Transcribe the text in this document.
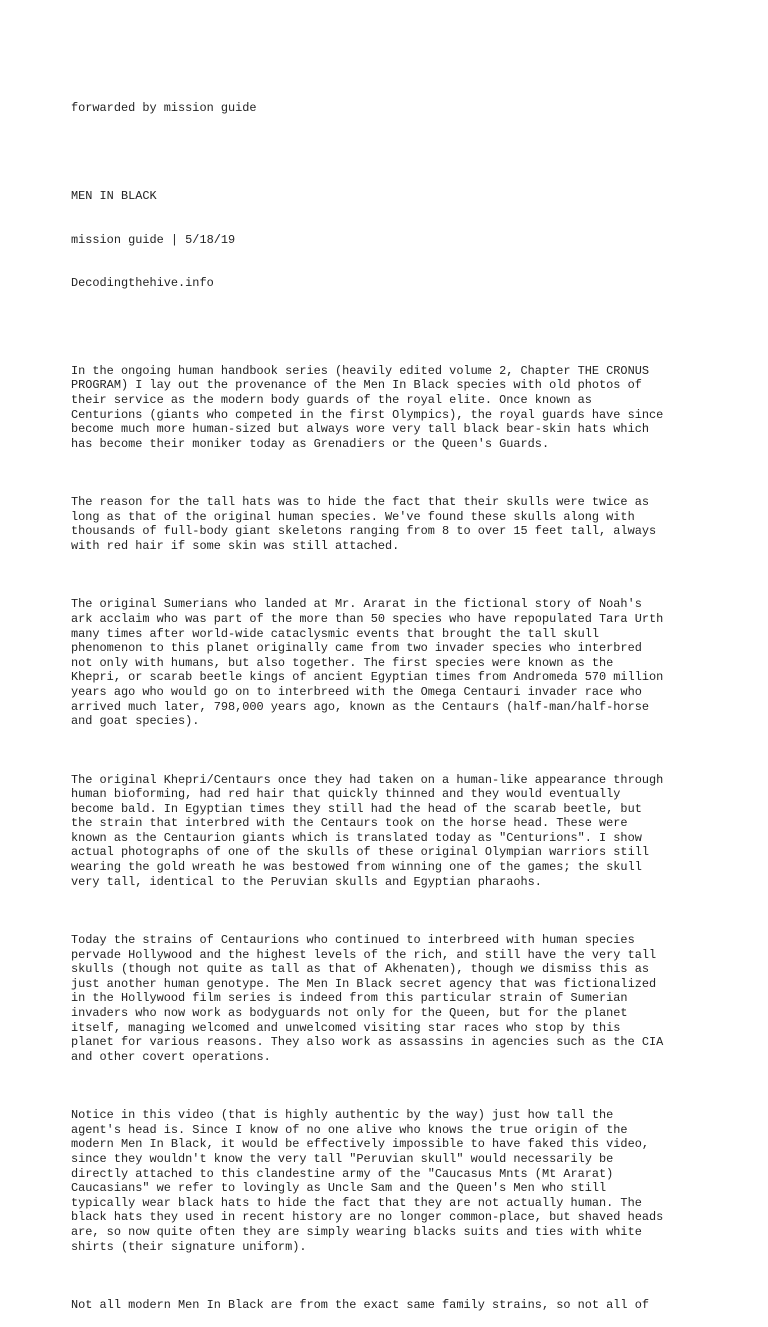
forwarded by mission guide

MEN IN BLACK

mission guide | 5/18/19

Decodingthehive.info

In the ongoing human handbook series (heavily edited volume 2, Chapter THE CRONUS
PROGRAM) I lay out the provenance of the Men In Black species with old photos of
their service as the modern body guards of the royal elite. Once known as
Centurions (giants who competed in the first Olympics), the royal guards have since
become much more human-sized but always wore very tall black bear-skin hats which
has become their moniker today as Grenadiers or the Queen's Guards.

The reason for the tall hats was to hide the fact that their skulls were twice as
long as that of the original human species. We've found these skulls along with
thousands of full-body giant skeletons ranging from 8 to over 15 feet tall, always
with red hair if some skin was still attached.

The original Sumerians who landed at Mr. Ararat in the fictional story of Noah's
ark acclaim who was part of the more than 50 species who have repopulated Tara Urth
many times after world-wide cataclysmic events that brought the tall skull
phenomenon to this planet originally came from two invader species who interbred
not only with humans, but also together. The first species were known as the
Khepri, or scarab beetle kings of ancient Egyptian times from Andromeda 570 million
years ago who would go on to interbreed with the Omega Centauri invader race who
arrived much later, 798,000 years ago, known as the Centaurs (half-man/half-horse
and goat species).

The original Khepri/Centaurs once they had taken on a human-like appearance through
human bioforming, had red hair that quickly thinned and they would eventually
become bald. In Egyptian times they still had the head of the scarab beetle, but
the strain that interbred with the Centaurs took on the horse head. These were
known as the Centaurion giants which is translated today as "Centurions". I show
actual photographs of one of the skulls of these original Olympian warriors still
wearing the gold wreath he was bestowed from winning one of the games; the skull
very tall, identical to the Peruvian skulls and Egyptian pharaohs.

Today the strains of Centaurions who continued to interbreed with human species
pervade Hollywood and the highest levels of the rich, and still have the very tall
skulls (though not quite as tall as that of Akhenaten), though we dismiss this as
just another human genotype. The Men In Black secret agency that was fictionalized
in the Hollywood film series is indeed from this particular strain of Sumerian
invaders who now work as bodyguards not only for the Queen, but for the planet
itself, managing welcomed and unwelcomed visiting star races who stop by this
planet for various reasons. They also work as assassins in agencies such as the CIA
and other covert operations.

Notice in this video (that is highly authentic by the way) just how tall the
agent's head is. Since I know of no one alive who knows the true origin of the
modern Men In Black, it would be effectively impossible to have faked this video,
since they wouldn't know the very tall "Peruvian skull" would necessarily be
directly attached to this clandestine army of the "Caucasus Mnts (Mt Ararat)
Caucasians" we refer to lovingly as Uncle Sam and the Queen's Men who still
typically wear black hats to hide the fact that they are not actually human. The
black hats they used in recent history are no longer common-place, but shaved heads
are, so now quite often they are simply wearing blacks suits and ties with white
shirts (their signature uniform).

Not all modern Men In Black are from the exact same family strains, so not all of
